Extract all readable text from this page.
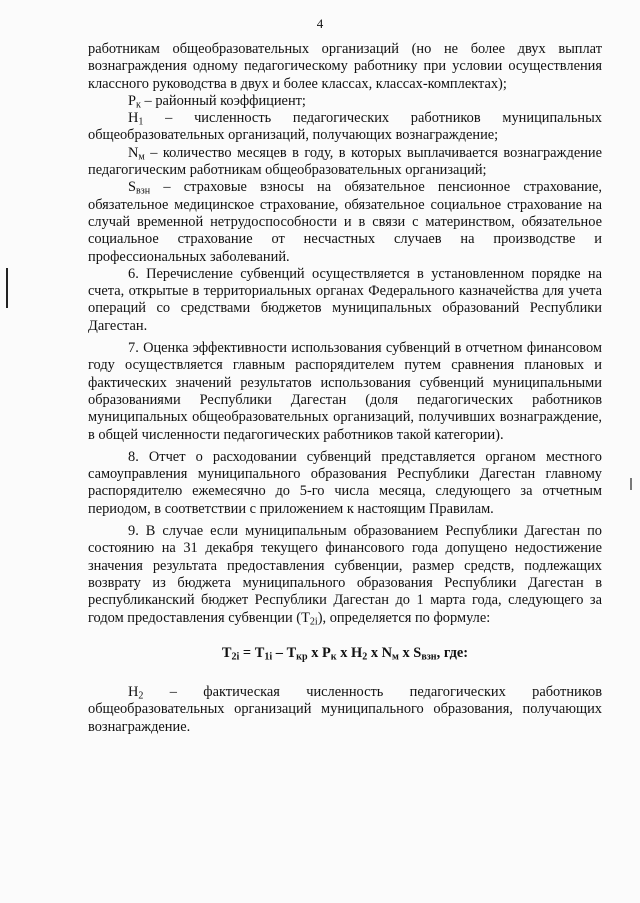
4

работникам общеобразовательных организаций (но не более двух выплат вознаграждения одному педагогическому работнику при условии осуществления классного руководства в двух и более классах, классах-комплектах);

$Р_к$ – районный коэффициент;

$Н_1$ – численность педагогических работников муниципальных общеобразовательных организаций, получающих вознаграждение;

$N_м$ – количество месяцев в году, в которых выплачивается вознаграждение педагогическим работникам общеобразовательных организаций;

$S_{взн}$ – страховые взносы на обязательное пенсионное страхование, обязательное медицинское страхование, обязательное социальное страхование на случай временной нетрудоспособности и в связи с материнством, обязательное социальное страхование от несчастных случаев на производстве и профессиональных заболеваний.

6. Перечисление субвенций осуществляется в установленном порядке на счета, открытые в территориальных органах Федерального казначейства для учета операций со средствами бюджетов муниципальных образований Республики Дагестан.

7. Оценка эффективности использования субвенций в отчетном финансовом году осуществляется главным распорядителем путем сравнения плановых и фактических значений результатов использования субвенций муниципальными образованиями Республики Дагестан (доля педагогических работников муниципальных общеобразовательных организаций, получивших вознаграждение, в общей численности педагогических работников такой категории).

8. Отчет о расходовании субвенций представляется органом местного самоуправления муниципального образования Республики Дагестан главному распорядителю ежемесячно до 5-го числа месяца, следующего за отчетным периодом, в соответствии с приложением к настоящим Правилам.

9. В случае если муниципальным образованием Республики Дагестан по состоянию на 31 декабря текущего финансового года допущено недостижение значения результата предоставления субвенции, размер средств, подлежащих возврату из бюджета муниципального образования Республики Дагестан в республиканский бюджет Республики Дагестан до 1 марта года, следующего за годом предоставления субвенции $(Т_{2i})$, определяется по формуле:

$Т_{2i} = Т_{1i} - Т_{кр}$ х $Р_к$ х $Н_2$ х $N_м$ х $S_{взн}$, где:

$Н_2$ – фактическая численность педагогических работников общеобразовательных организаций муниципального образования, получающих вознаграждение.
